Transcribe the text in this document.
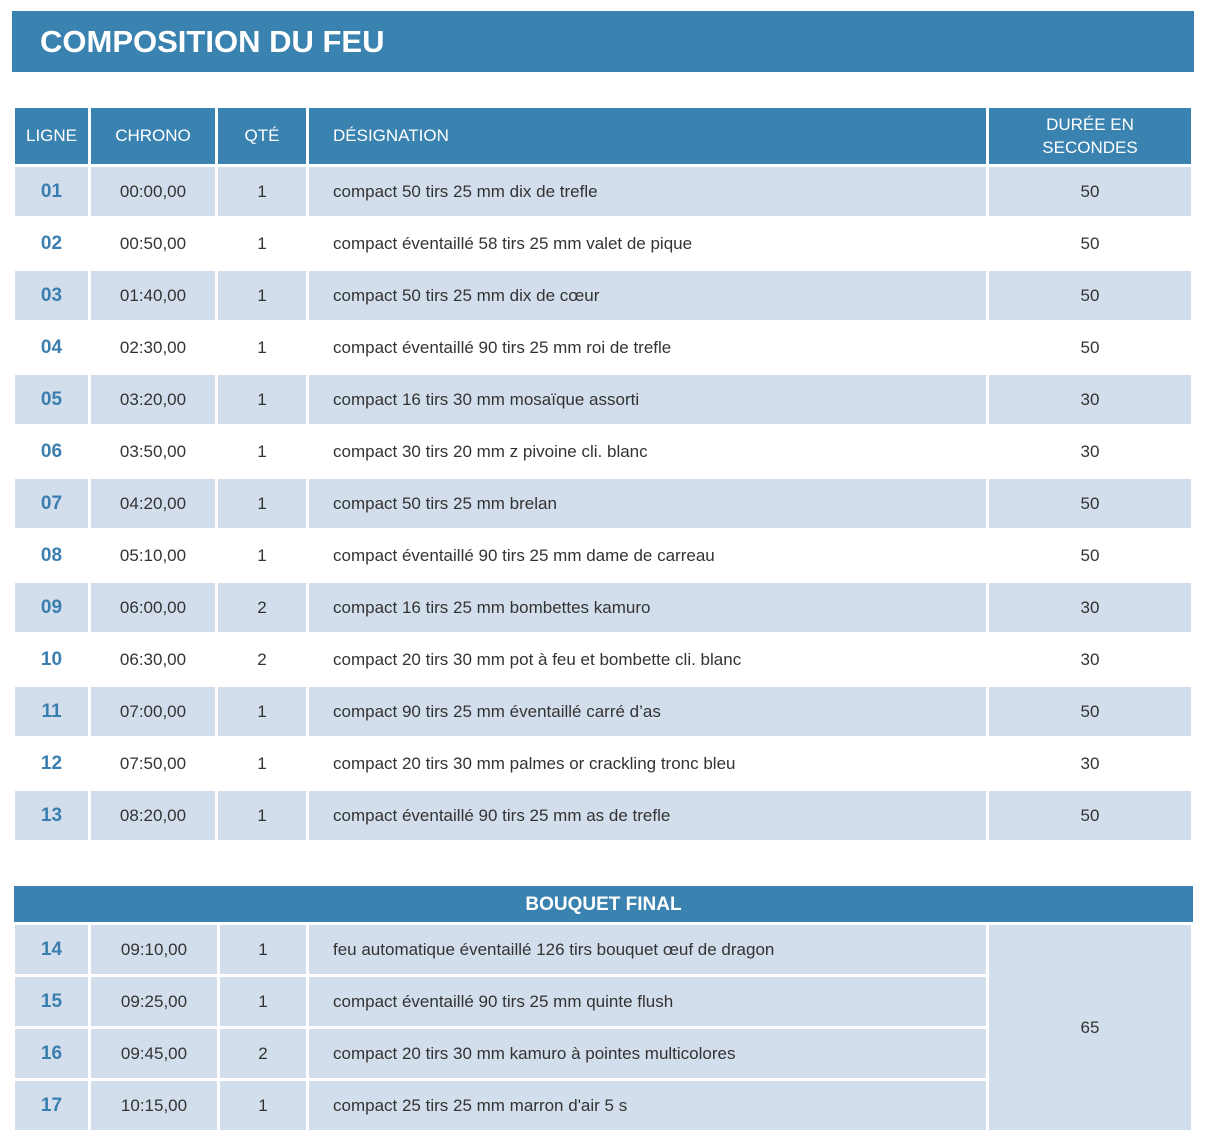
COMPOSITION DU FEU
LIGNE	CHRONO	QTÉ	DÉSIGNATION	DURÉE EN SECONDES
01	00:00,00	1	compact 50 tirs 25 mm dix de trefle	50
02	00:50,00	1	compact éventaillé 58 tirs 25 mm valet de pique	50
03	01:40,00	1	compact 50 tirs 25 mm dix de cœur	50
04	02:30,00	1	compact éventaillé 90 tirs 25 mm roi de trefle	50
05	03:20,00	1	compact 16 tirs 30 mm mosaïque assorti	30
06	03:50,00	1	compact 30 tirs 20 mm z pivoine cli. blanc	30
07	04:20,00	1	compact 50 tirs 25 mm brelan	50
08	05:10,00	1	compact éventaillé 90 tirs 25 mm dame de carreau	50
09	06:00,00	2	compact 16 tirs 25 mm bombettes kamuro	30
10	06:30,00	2	compact 20 tirs 30 mm pot à feu et bombette cli. blanc	30
11	07:00,00	1	compact 90 tirs 25 mm éventaillé carré d’as	50
12	07:50,00	1	compact 20 tirs 30 mm palmes or crackling tronc bleu	30
13	08:20,00	1	compact éventaillé 90 tirs 25 mm as de trefle	50
BOUQUET FINAL
14	09:10,00	1	feu automatique éventaillé 126 tirs bouquet œuf de dragon	65
15	09:25,00	1	compact éventaillé 90 tirs 25 mm quinte flush	
16	09:45,00	2	compact 20 tirs 30 mm kamuro à pointes multicolores	
17	10:15,00	1	compact 25 tirs 25 mm marron d'air 5 s	
